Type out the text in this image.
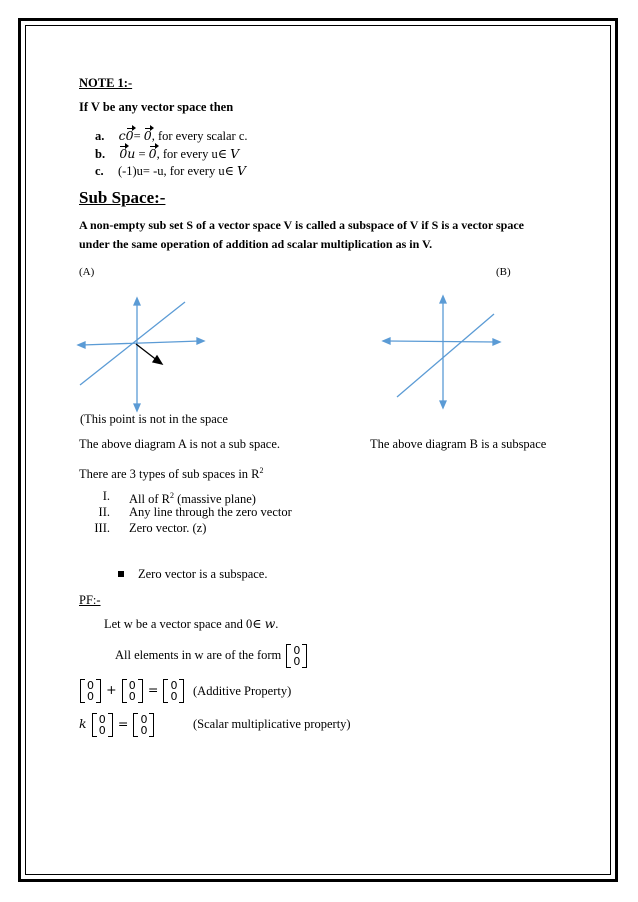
NOTE 1:-
If V be any vector space then
a. c0= 0, for every scalar c.
b. 0u = 0, for every u∈ V
c. (-1)u= -u, for every u∈ V
Sub Space:-
A non-empty sub set S of a vector space V is called a subspace of V if S is a vector space
under the same operation of addition ad scalar multiplication as in V.
(A)	(B)
(This point is not in the space
The above diagram A is not a sub space.	The above diagram B is a subspace
There are 3 types of sub spaces in $R^2$
I. All of $R^2$ (massive plane)
II. Any line through the zero vector
III. Zero vector. (z)
Zero vector is a subspace.
PF:-
Let w be a vector space and 0∈ w.
All elements in w are of the form 0
0
0
0 + 0
0 = 0
0 (Additive Property)
k 0
0 = 0
0	(Scalar multiplicative property)
